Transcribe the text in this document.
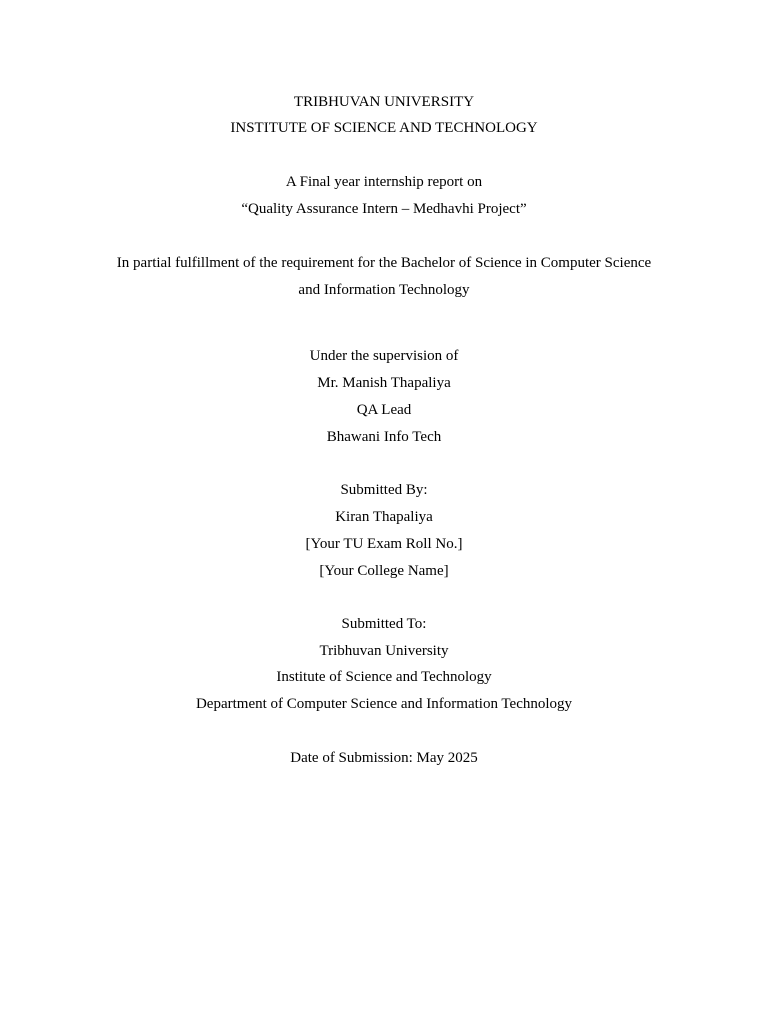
TRIBHUVAN UNIVERSITY

INSTITUTE OF SCIENCE AND TECHNOLOGY

A Final year internship report on

“Quality Assurance Intern – Medhavhi Project”

In partial fulfillment of the requirement for the Bachelor of Science in Computer Science

and Information Technology

Under the supervision of

Mr. Manish Thapaliya

QA Lead

Bhawani Info Tech

Submitted By:

Kiran Thapaliya

[Your TU Exam Roll No.]

[Your College Name]

Submitted To:

Tribhuvan University

Institute of Science and Technology

Department of Computer Science and Information Technology

Date of Submission: May 2025
